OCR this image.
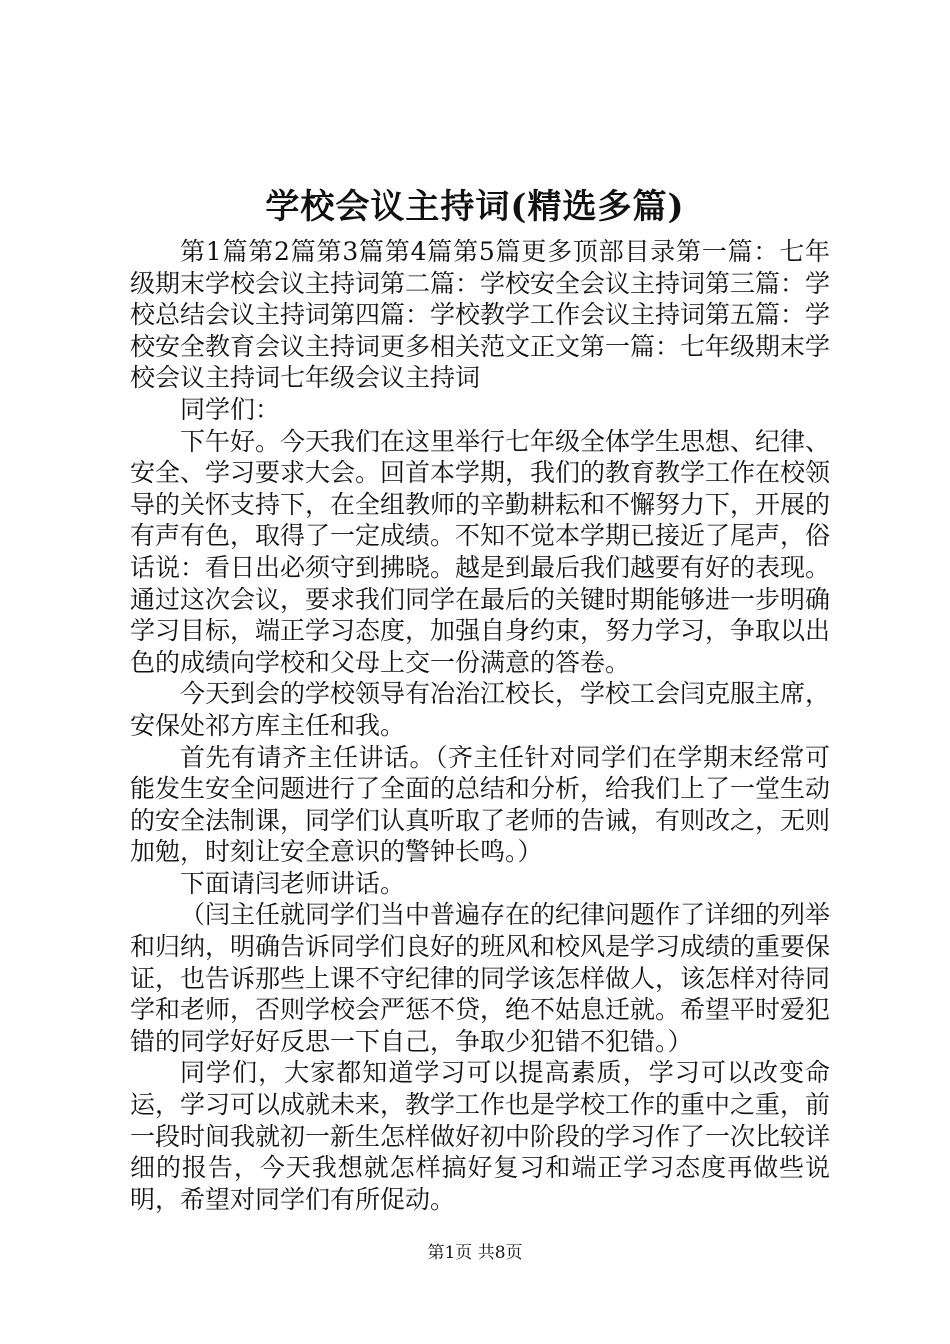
学校会议主持词(精选多篇)

第1篇第2篇第3篇第4篇第5篇更多顶部目录第一篇：七年级期末学校会议主持词第二篇：学校安全会议主持词第三篇：学校总结会议主持词第四篇：学校教学工作会议主持词第五篇：学校安全教育会议主持词更多相关范文正文第一篇：七年级期末学校会议主持词七年级会议主持词

同学们：

下午好。今天我们在这里举行七年级全体学生思想、纪律、安全、学习要求大会。回首本学期，我们的教育教学工作在校领导的关怀支持下，在全组教师的辛勤耕耘和不懈努力下，开展的有声有色，取得了一定成绩。不知不觉本学期已接近了尾声，俗话说：看日出必须守到拂晓。越是到最后我们越要有好的表现。通过这次会议，要求我们同学在最后的关键时期能够进一步明确学习目标，端正学习态度，加强自身约束，努力学习，争取以出色的成绩向学校和父母上交一份满意的答卷。

今天到会的学校领导有冶治江校长，学校工会闫克服主席，安保处祁方库主任和我。

首先有请齐主任讲话。（齐主任针对同学们在学期末经常可能发生安全问题进行了全面的总结和分析，给我们上了一堂生动的安全法制课，同学们认真听取了老师的告诫，有则改之，无则加勉，时刻让安全意识的警钟长鸣。）

下面请闫老师讲话。

（闫主任就同学们当中普遍存在的纪律问题作了详细的列举和归纳，明确告诉同学们良好的班风和校风是学习成绩的重要保证，也告诉那些上课不守纪律的同学该怎样做人，该怎样对待同学和老师，否则学校会严惩不贷，绝不姑息迁就。希望平时爱犯错的同学好好反思一下自己，争取少犯错不犯错。）

同学们，大家都知道学习可以提高素质，学习可以改变命运，学习可以成就未来，教学工作也是学校工作的重中之重，前一段时间我就初一新生怎样做好初中阶段的学习作了一次比较详细的报告，今天我想就怎样搞好复习和端正学习态度再做些说明，希望对同学们有所促动。

第1页 共8页
